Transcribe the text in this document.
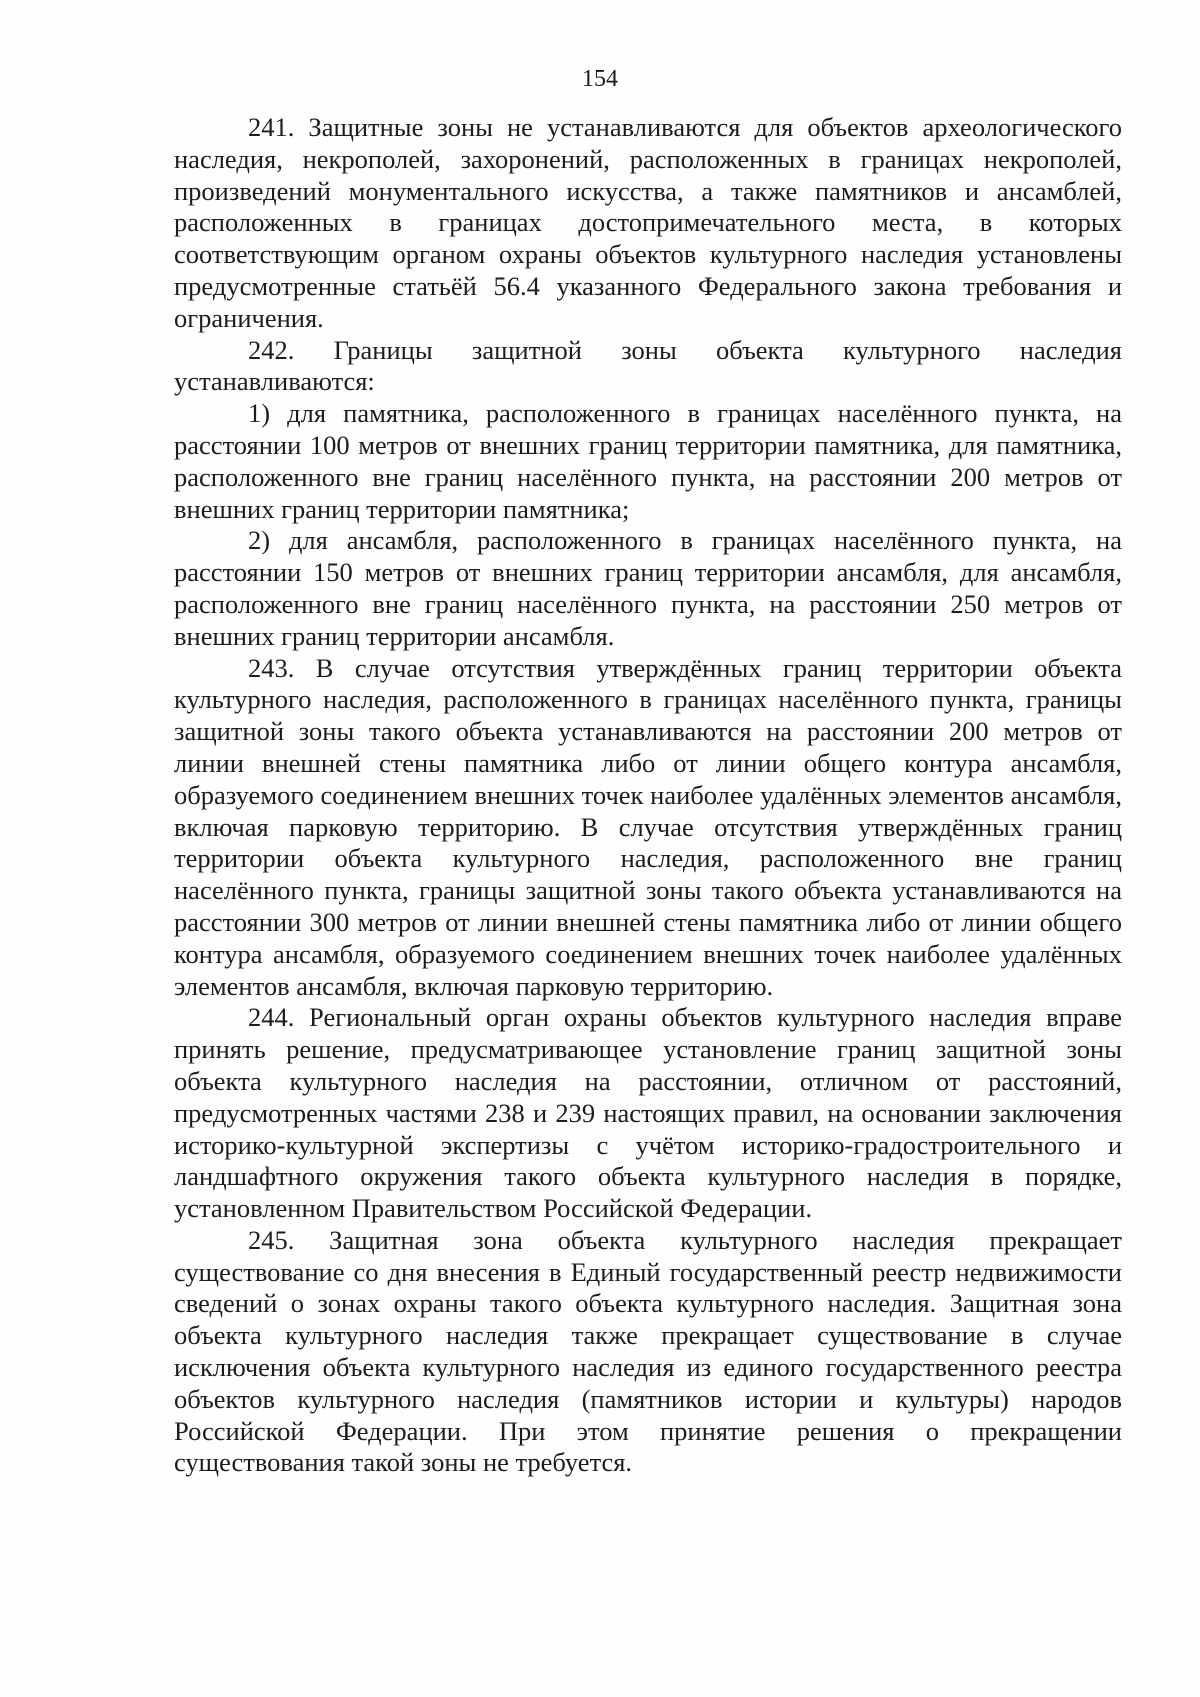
154

241. Защитные зоны не устанавливаются для объектов археологического наследия, некрополей, захоронений, расположенных в границах некрополей, произведений монументального искусства, а также памятников и ансамблей, расположенных в границах достопримечательного места, в которых соответствующим органом охраны объектов культурного наследия установлены предусмотренные статьёй 56.4 указанного Федерального закона требования и ограничения.

242. Границы защитной зоны объекта культурного наследия устанавливаются:

1) для памятника, расположенного в границах населённого пункта, на расстоянии 100 метров от внешних границ территории памятника, для памятника, расположенного вне границ населённого пункта, на расстоянии 200 метров от внешних границ территории памятника;

2) для ансамбля, расположенного в границах населённого пункта, на расстоянии 150 метров от внешних границ территории ансамбля, для ансамбля, расположенного вне границ населённого пункта, на расстоянии 250 метров от внешних границ территории ансамбля.

243. В случае отсутствия утверждённых границ территории объекта культурного наследия, расположенного в границах населённого пункта, границы защитной зоны такого объекта устанавливаются на расстоянии 200 метров от линии внешней стены памятника либо от линии общего контура ансамбля, образуемого соединением внешних точек наиболее удалённых элементов ансамбля, включая парковую территорию. В случае отсутствия утверждённых границ территории объекта культурного наследия, расположенного вне границ населённого пункта, границы защитной зоны такого объекта устанавливаются на расстоянии 300 метров от линии внешней стены памятника либо от линии общего контура ансамбля, образуемого соединением внешних точек наиболее удалённых элементов ансамбля, включая парковую территорию.

244. Региональный орган охраны объектов культурного наследия вправе принять решение, предусматривающее установление границ защитной зоны объекта культурного наследия на расстоянии, отличном от расстояний, предусмотренных частями 238 и 239 настоящих правил, на основании заключения историко-культурной экспертизы с учётом историко-градостроительного и ландшафтного окружения такого объекта культурного наследия в порядке, установленном Правительством Российской Федерации.

245. Защитная зона объекта культурного наследия прекращает существование со дня внесения в Единый государственный реестр недвижимости сведений о зонах охраны такого объекта культурного наследия. Защитная зона объекта культурного наследия также прекращает существование в случае исключения объекта культурного наследия из единого государственного реестра объектов культурного наследия (памятников истории и культуры) народов Российской Федерации. При этом принятие решения о прекращении существования такой зоны не требуется.
